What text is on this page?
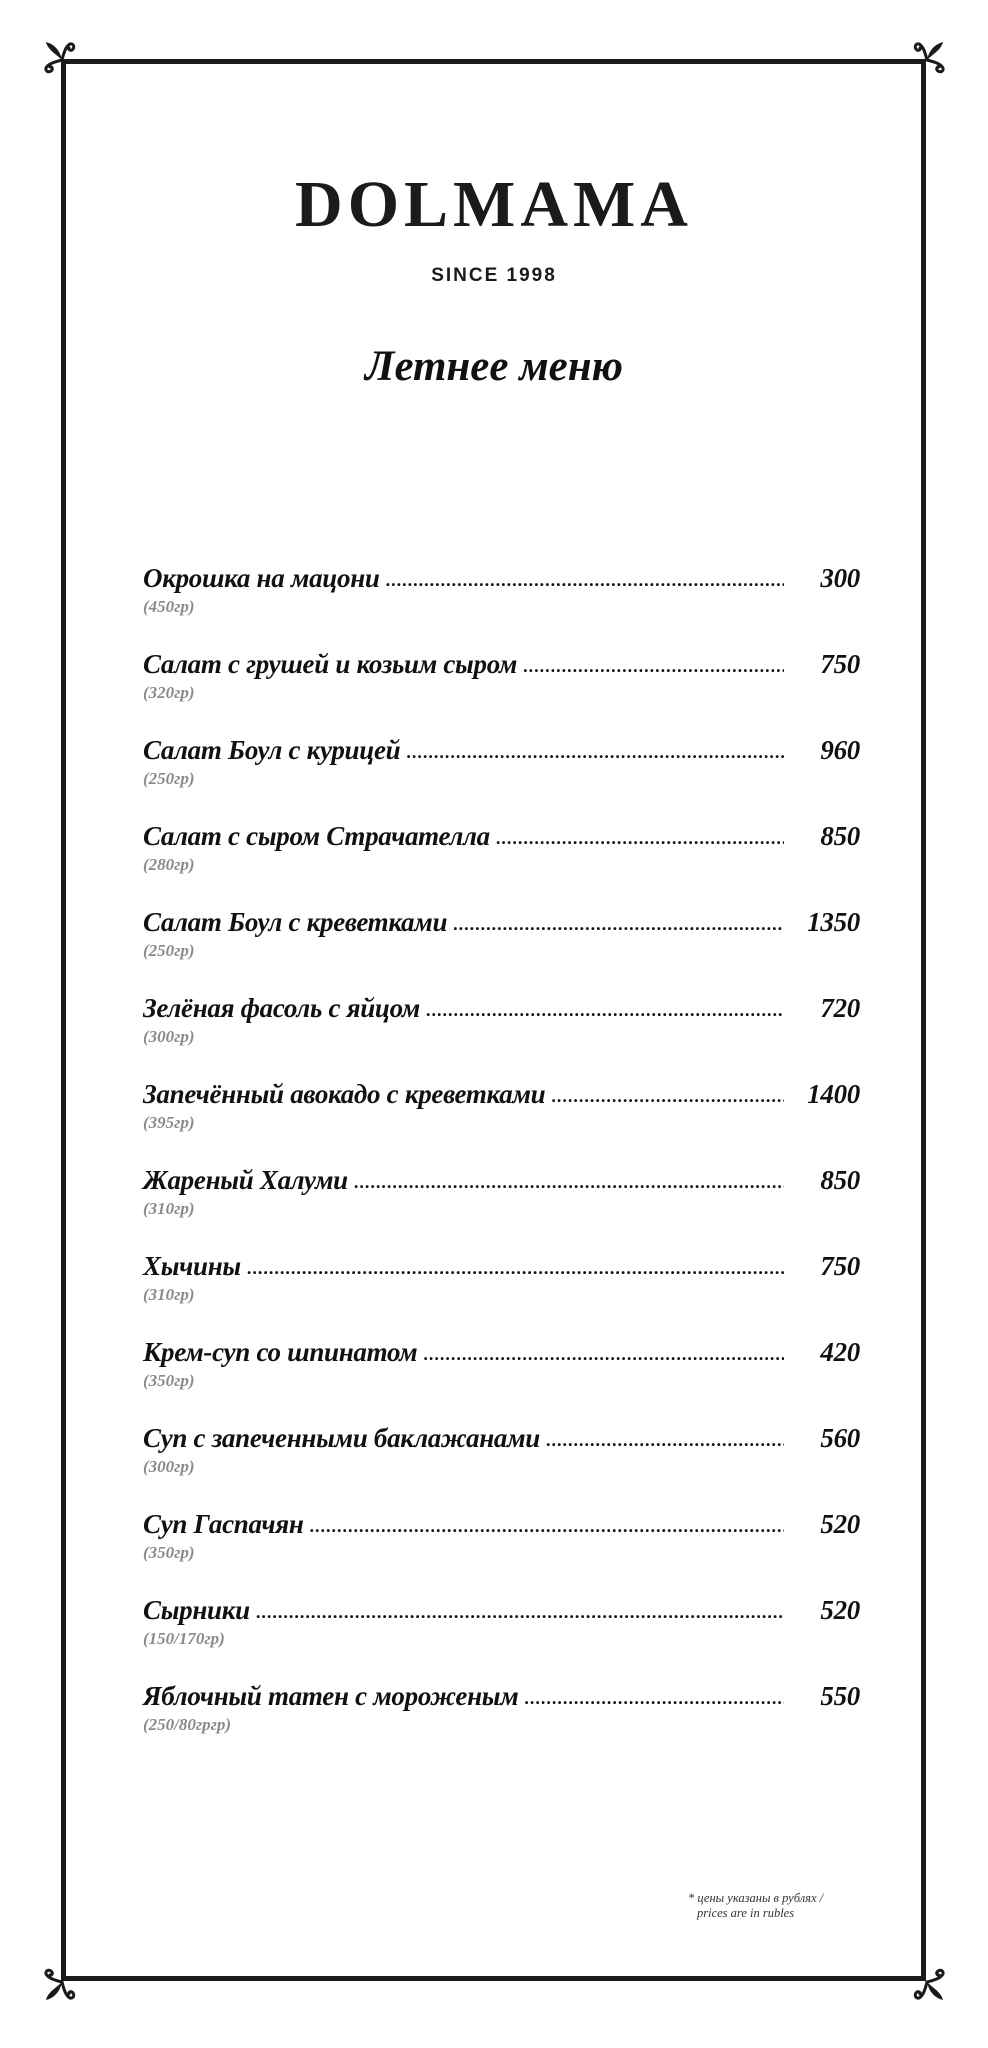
DOLMAMA
SINCE 1998
Летнее меню
Окрошка на мацони .....	300
(450гр)
Салат с грушей и козьим сыром .....	750
(320гр)
Салат Боул с курицей .....	960
(250гр)
Салат с сыром Страчателла .....	850
(280гр)
Салат Боул с креветками .....	1350
(250гр)
Зелёная фасоль с яйцом .....	720
(300гр)
Запечённый авокадо с креветками .....	1400
(395гр)
Жареный Халуми .....	850
(310гр)
Хычины .....	750
(310гр)
Крем-суп со шпинатом .....	420
(350гр)
Суп с запеченными баклажанами .....	560
(300гр)
Суп Гаспачян .....	520
(350гр)
Сырники .....	520
(150/170гр)
Яблочный татен с мороженым .....	550
(250/80гргр)
* цены указаны в рублях /
prices are in rubles
